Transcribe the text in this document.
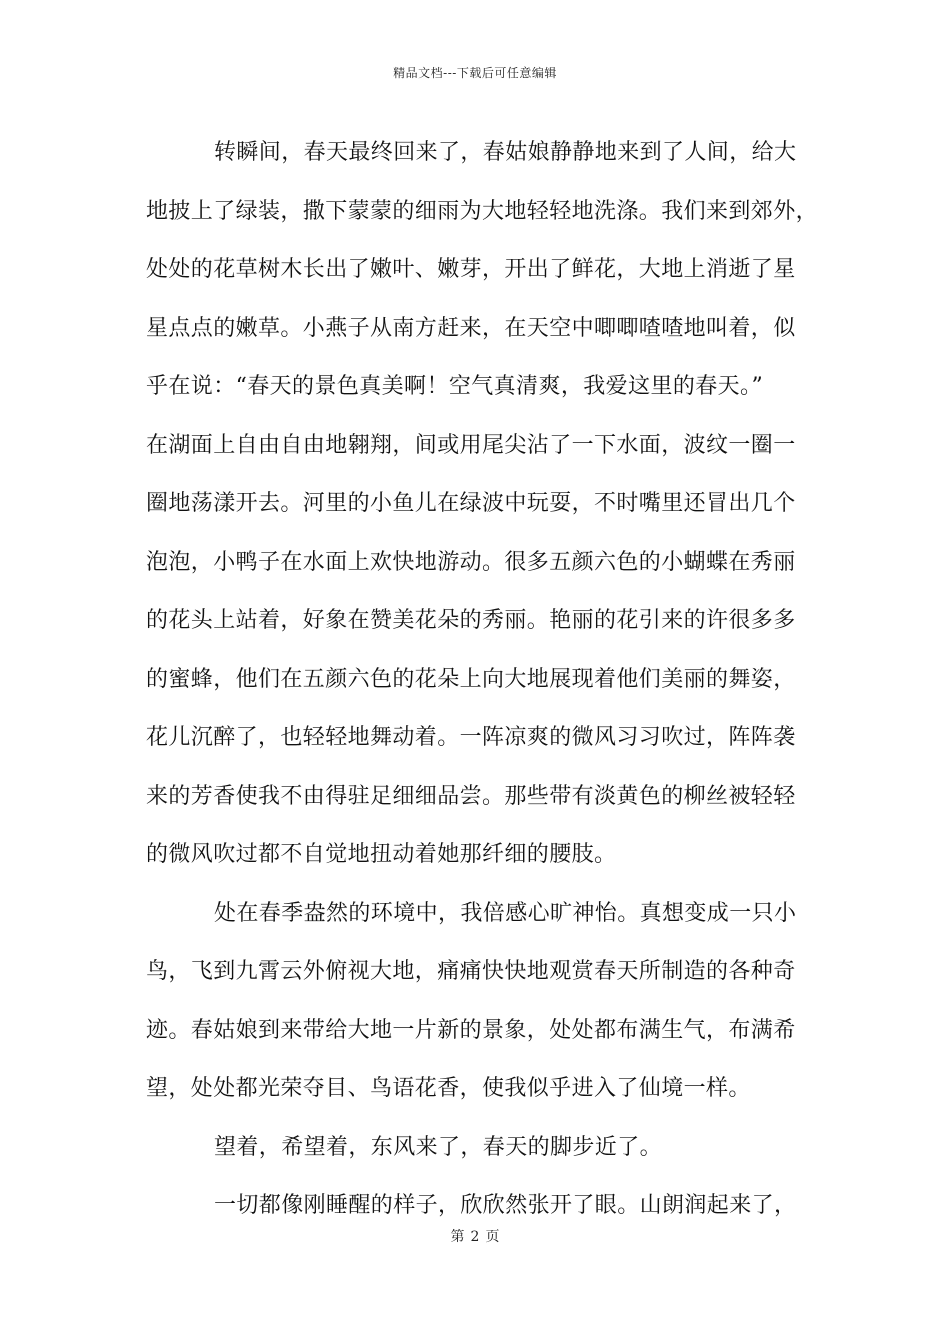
精品文档---下载后可任意编辑
转瞬间，春天最终回来了，春姑娘静静地来到了人间，给大
地披上了绿装，撒下蒙蒙的细雨为大地轻轻地洗涤。我们来到郊外，
处处的花草树木长出了嫩叶、嫩芽，开出了鲜花，大地上消逝了星
星点点的嫩草。小燕子从南方赶来，在天空中唧唧喳喳地叫着，似
乎在说：“春天的景色真美啊！空气真清爽，我爱这里的春天。”
在湖面上自由自由地翱翔，间或用尾尖沾了一下水面，波纹一圈一
圈地荡漾开去。河里的小鱼儿在绿波中玩耍，不时嘴里还冒出几个
泡泡，小鸭子在水面上欢快地游动。很多五颜六色的小蝴蝶在秀丽
的花头上站着，好象在赞美花朵的秀丽。艳丽的花引来的许很多多
的蜜蜂，他们在五颜六色的花朵上向大地展现着他们美丽的舞姿，
花儿沉醉了，也轻轻地舞动着。一阵凉爽的微风习习吹过，阵阵袭
来的芳香使我不由得驻足细细品尝。那些带有淡黄色的柳丝被轻轻
的微风吹过都不自觉地扭动着她那纤细的腰肢。
处在春季盎然的环境中，我倍感心旷神怡。真想变成一只小
鸟，飞到九霄云外俯视大地，痛痛快快地观赏春天所制造的各种奇
迹。春姑娘到来带给大地一片新的景象，处处都布满生气，布满希
望，处处都光荣夺目、鸟语花香，使我似乎进入了仙境一样。
望着，希望着，东风来了，春天的脚步近了。
一切都像刚睡醒的样子，欣欣然张开了眼。山朗润起来了，
第 2 页
